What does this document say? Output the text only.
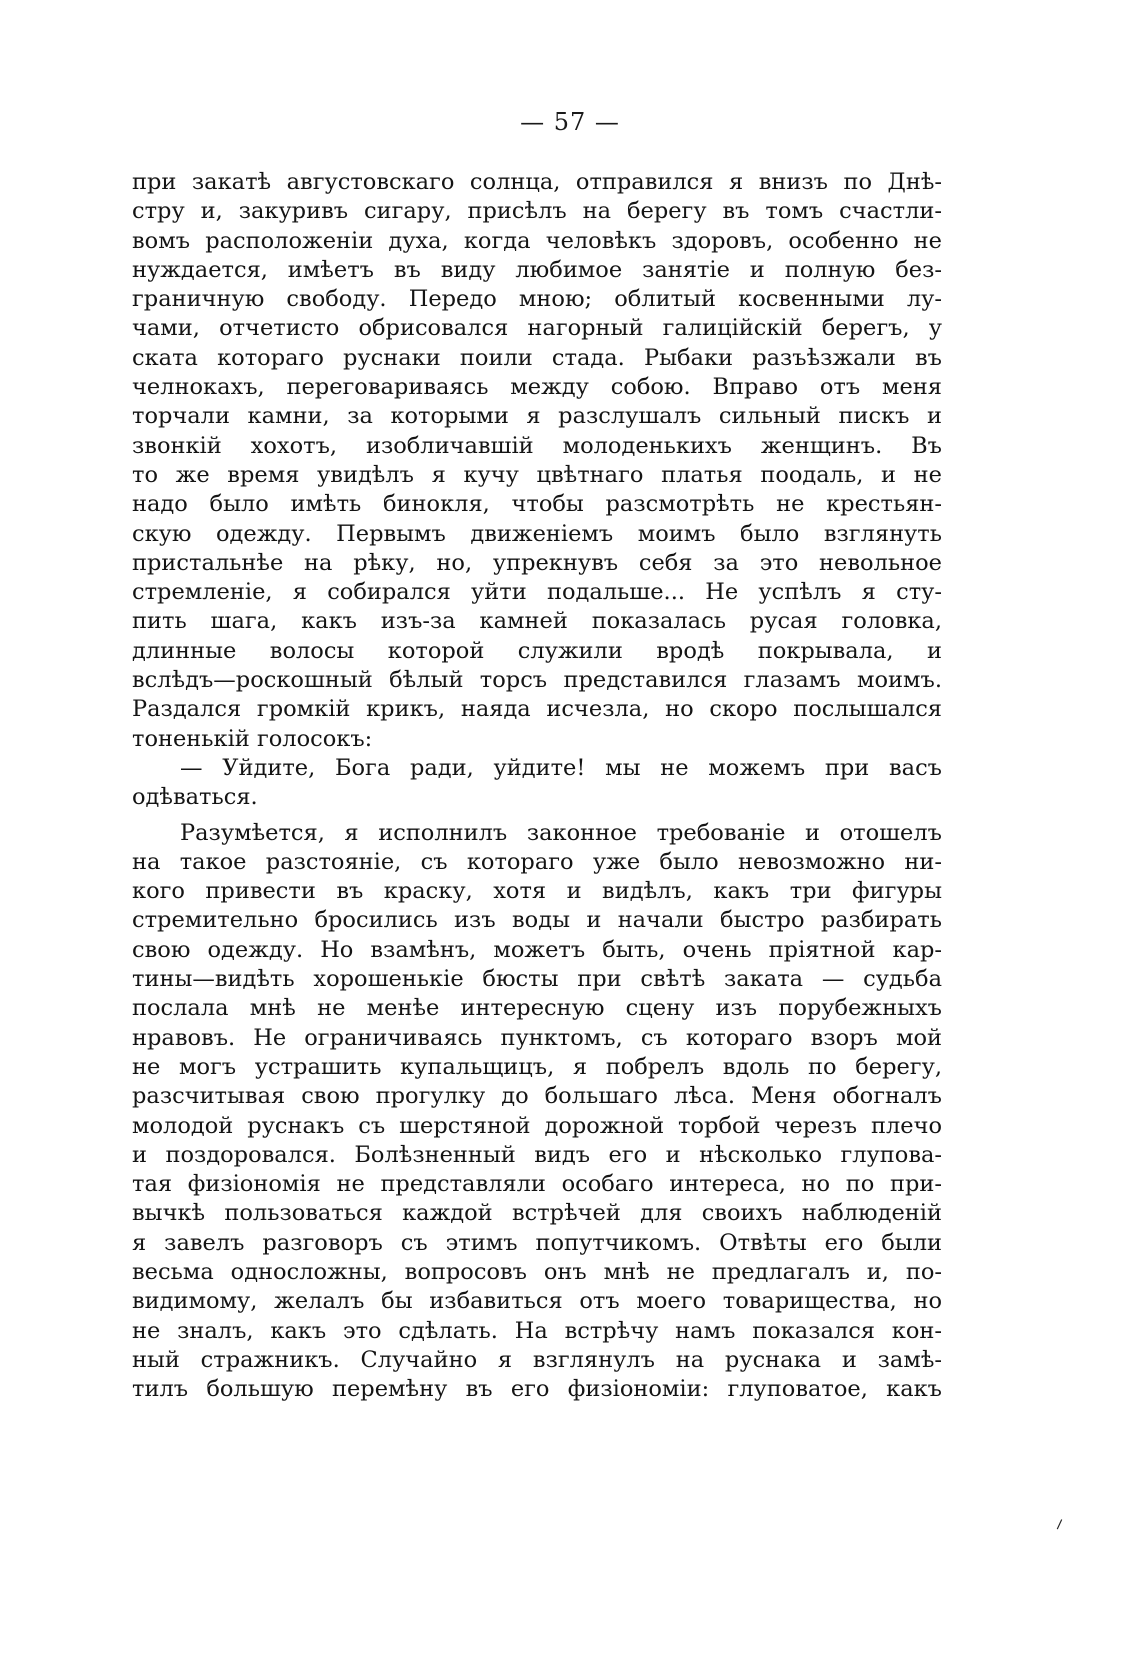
— 57 —
при закатѣ августовскаго солнца, отправился я внизъ по Днѣ-
стру и, закуривъ сигару, присѣлъ на берегу въ томъ счастли-
вомъ расположенiи духа, когда человѣкъ здоровъ, особенно не
нуждается, имѣетъ въ виду любимое занятіе и полную без-
граничную свободу. Передо мною; облитый косвенными лу-
чами, отчетисто обрисовался нагорный галицiйскiй берегъ, у
ската котораго руснаки поили стада. Рыбаки разъѣзжали въ
челнокахъ, переговариваясь между собою. Вправо отъ меня
торчали камни, за которыми я разслушалъ сильный пискъ и
звонкiй хохотъ, изобличавшiй молоденькихъ женщинъ. Въ
то же время увидѣлъ я кучу цвѣтнаго платья поодаль, и не
надо было имѣть бинокля, чтобы разсмотрѣть не крестьян-
скую одежду. Первымъ движенiемъ моимъ было взглянуть
пристальнѣе на рѣку, но, упрекнувъ себя за это невольное
стремленiе, я собирался уйти подальше... Не успѣлъ я сту-
пить шага, какъ изъ-за камней показалась русая головка,
длинные волосы которой служили вродѣ покрывала, и
вслѣдъ—роскошный бѣлый торсъ представился глазамъ моимъ.
Раздался громкiй крикъ, наяда исчезла, но скоро послышался
тоненькiй голосокъ:
— Уйдите, Бога ради, уйдите! мы не можемъ при васъ
одѣваться.
Разумѣется, я исполнилъ законное требованiе и отошелъ
на такое разстоянiе, съ котораго уже было невозможно ни-
кого привести въ краску, хотя и видѣлъ, какъ три фигуры
стремительно бросились изъ воды и начали быстро разбирать
свою одежду. Но взамѣнъ, можетъ быть, очень прiятной кар-
тины—видѣть хорошенькiе бюсты при свѣтѣ заката — судьба
послала мнѣ не менѣе интересную сцену изъ порубежныхъ
нравовъ. Не ограничиваясь пунктомъ, съ котораго взоръ мой
не могъ устрашить купальщицъ, я побрелъ вдоль по берегу,
разсчитывая свою прогулку до большаго лѣса. Меня обогналъ
молодой руснакъ съ шерстяной дорожной торбой черезъ плечо
и поздоровался. Болѣзненный видъ его и нѣсколько глупова-
тая физiономiя не представляли особаго интереса, но по при-
вычкѣ пользоваться каждой встрѣчей для своихъ наблюденiй
я завелъ разговоръ съ этимъ попутчикомъ. Отвѣты его были
весьма односложны, вопросовъ онъ мнѣ не предлагалъ и, по-
видимому, желалъ бы избавиться отъ моего товарищества, но
не зналъ, какъ это сдѣлать. На встрѣчу намъ показался кон-
ный стражникъ. Случайно я взглянулъ на руснака и замѣ-
тилъ большую перемѣну въ его физiономiи: глуповатое, какъ
⸝
